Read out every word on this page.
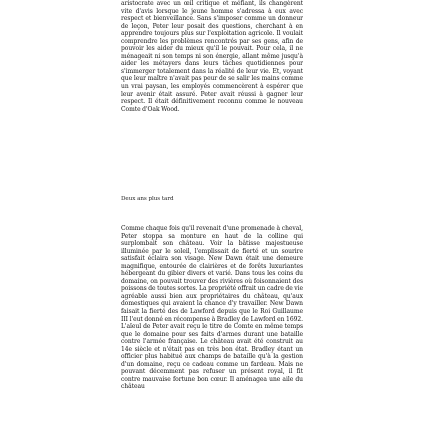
aristocrate avec un œil critique et méfiant, ils changèrent vite d'avis lorsque le jeune homme s'adressa à eux avec respect et bienveillance. Sans s'imposer comme un donneur de leçon, Peter leur posait des questions, cherchant à en apprendre toujours plus sur l'exploitation agricole. Il voulait comprendre les problèmes rencontrés par ses gens, afin de pouvoir les aider du mieux qu'il le pouvait. Pour cela, il ne ménageait ni son temps ni son énergie, allant même jusqu'à aider les métayers dans leurs tâches quotidiennes pour s'immerger totalement dans la réalité de leur vie. Et, voyant que leur maître n'avait pas peur de se salir les mains comme un vrai paysan, les employés commencèrent à espérer que leur avenir était assuré. Peter avait réussi à gagner leur respect. Il était définitivement reconnu comme le nouveau Comte d'Oak Wood.

Deux ans plus tard

Comme chaque fois qu'il revenait d'une promenade à cheval, Peter stoppa sa monture en haut de la colline qui surplombait son château. Voir la bâtisse majestueuse illuminée par le soleil, l'emplissait de fierté et un sourire satisfait éclaira son visage. New Dawn était une demeure magnifique, entourée de clairières et de forêts luxuriantes hébergeant du gibier divers et varié. Dans tous les coins du domaine, on pouvait trouver des rivières où foisonnaient des poissons de toutes sortes. La propriété offrait un cadre de vie agréable aussi bien aux propriétaires du château, qu'aux domestiques qui avaient la chance d'y travailler. New Dawn faisait la fierté des de Lawford depuis que le Roi Guillaume III l'eut donné en récompense à Bradley de Lawford en 1692. L'aïeul de Peter avait reçu le titre de Comte en même temps que le domaine pour ses faits d'armes durant une bataille contre l'armée française. Le château avait été construit au 14e siècle et n'était pas en très bon état. Bradley étant un officier plus habitué aux champs de bataille qu'à la gestion d'un domaine, reçu ce cadeau comme un fardeau. Mais ne pouvant décemment pas refuser un présent royal, il fit contre mauvaise fortune bon cœur. Il aménagea une aile du château
